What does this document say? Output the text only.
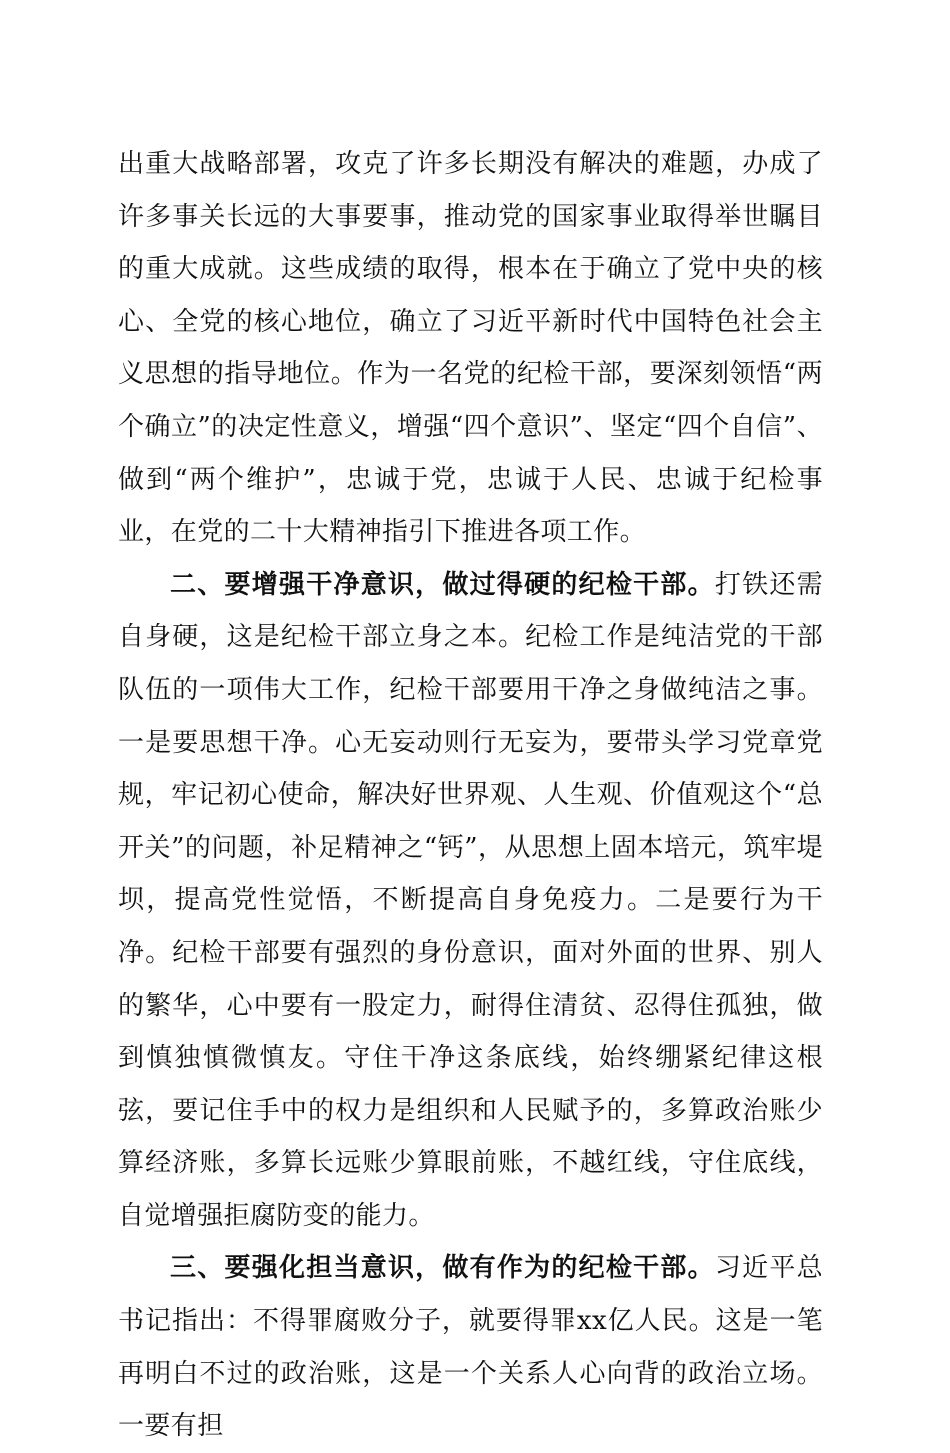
出重大战略部署，攻克了许多长期没有解决的难题，办成了许多事关长远的大事要事，推动党的国家事业取得举世瞩目的重大成就。这些成绩的取得，根本在于确立了党中央的核心、全党的核心地位，确立了习近平新时代中国特色社会主义思想的指导地位。作为一名党的纪检干部，要深刻领悟“两个确立”的决定性意义，增强“四个意识”、坚定“四个自信”、做到“两个维护”，忠诚于党，忠诚于人民、忠诚于纪检事业，在党的二十大精神指引下推进各项工作。

二、要增强干净意识，做过得硬的纪检干部。打铁还需自身硬，这是纪检干部立身之本。纪检工作是纯洁党的干部队伍的一项伟大工作，纪检干部要用干净之身做纯洁之事。一是要思想干净。心无妄动则行无妄为，要带头学习党章党规，牢记初心使命，解决好世界观、人生观、价值观这个“总开关”的问题，补足精神之“钙”，从思想上固本培元，筑牢堤坝，提高党性觉悟，不断提高自身免疫力。二是要行为干净。纪检干部要有强烈的身份意识，面对外面的世界、别人的繁华，心中要有一股定力，耐得住清贫、忍得住孤独，做到慎独慎微慎友。守住干净这条底线，始终绷紧纪律这根弦，要记住手中的权力是组织和人民赋予的，多算政治账少算经济账，多算长远账少算眼前账，不越红线，守住底线，自觉增强拒腐防变的能力。

三、要强化担当意识，做有作为的纪检干部。习近平总书记指出：不得罪腐败分子，就要得罪xx亿人民。这是一笔再明白不过的政治账，这是一个关系人心向背的政治立场。一要有担
